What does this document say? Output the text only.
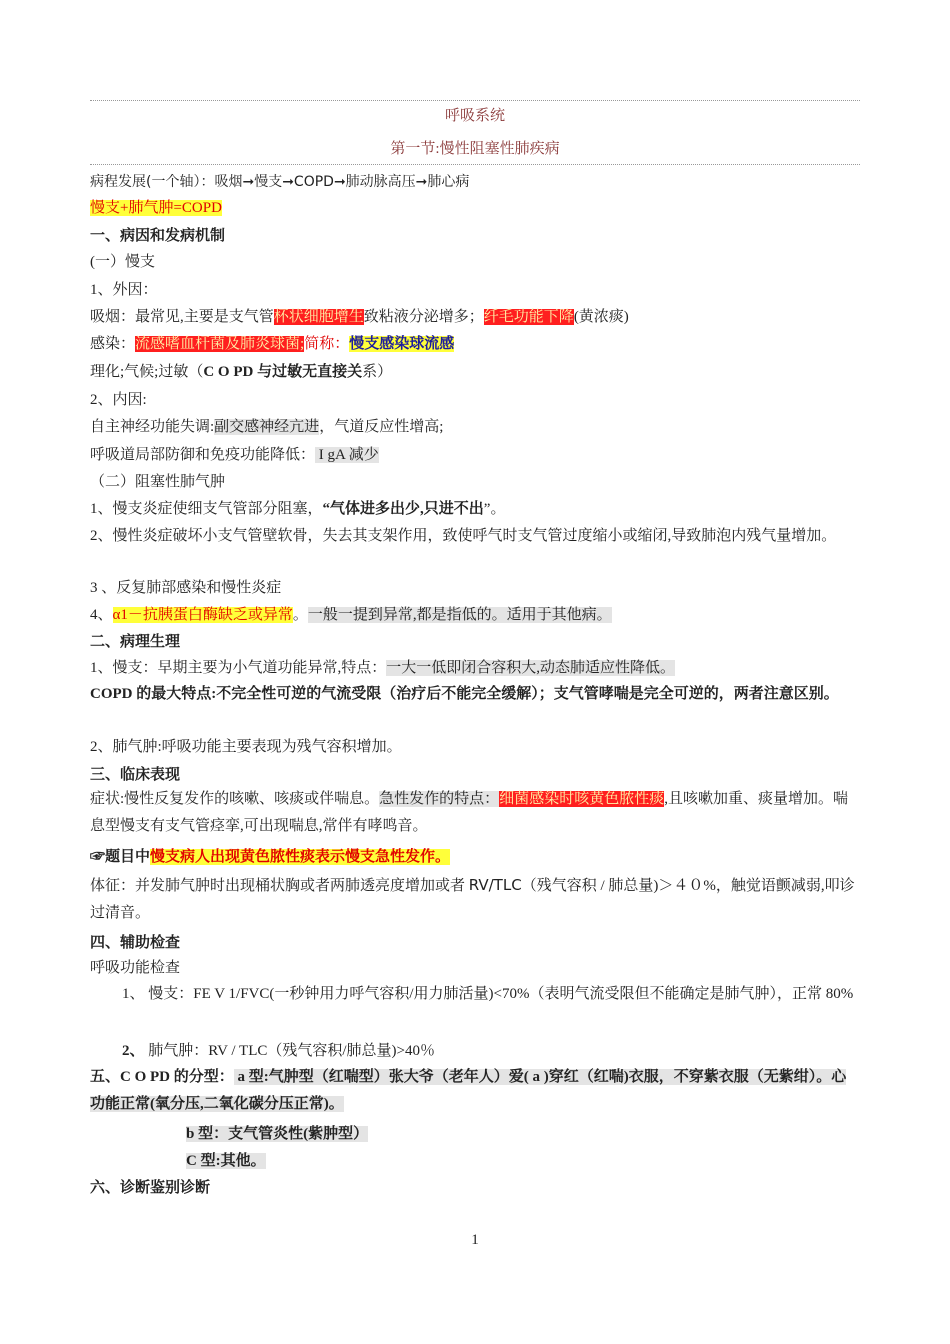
呼吸系统
第一节:慢性阻塞性肺疾病
病程发展(一个轴）：吸烟➞慢支➞COPD➞肺动脉高压➞肺心病
慢支+肺气肿=COPD
一、病因和发病机制
(一）慢支
1、外因：
吸烟：最常见,主要是支气管杯状细胞增生致粘液分泌增多；纤毛功能下降(黄浓痰)
感染：流感嗜血杆菌及肺炎球菌;简称：慢支感染球流感
理化;气候;过敏（C O PD 与过敏无直接关系）
2、内因:
自主神经功能失调:副交感神经亢进，气道反应性增高;
呼吸道局部防御和免疫功能降低： I gA 减少
（二）阻塞性肺气肿
1、慢支炎症使细支气管部分阻塞，“气体进多出少,只进不出”。
2、慢性炎症破坏小支气管壁软骨，失去其支架作用，致使呼气时支气管过度缩小或缩闭,导致肺泡内残气量增加。
3 、反复肺部感染和慢性炎症
4、α1－抗胰蛋白酶缺乏或异常。一般一提到异常,都是指低的。适用于其他病。
二、病理生理
1、慢支：早期主要为小气道功能异常,特点：一大一低即闭合容积大,动态肺适应性降低。
COPD 的最大特点:不完全性可逆的气流受限（治疗后不能完全缓解）；支气管哮喘是完全可逆的，两者注意区别。
2、肺气肿:呼吸功能主要表现为残气容积增加。
三、临床表现
症状:慢性反复发作的咳嗽、咳痰或伴喘息。急性发作的特点：细菌感染时咳黄色脓性痰,且咳嗽加重、痰量增加。喘息型慢支有支气管痉挛,可出现喘息,常伴有哮鸣音。
☞题目中慢支病人出现黄色脓性痰表示慢支急性发作。
体征：并发肺气肿时出现桶状胸或者两肺透亮度增加或者 RV/TLC（残气容积 / 肺总量)＞４０%，触觉语颤减弱,叩诊过清音。
四、辅助检查
呼吸功能检查
1、 慢支：FE V 1/FVC(一秒钟用力呼气容积/用力肺活量)<70%（表明气流受限但不能确定是肺气肿），正常 80%
2、 肺气肿：RV / TLC（残气容积/肺总量)>40％
五、C O PD 的分型： a 型:气肿型（红喘型）张大爷（老年人）爱( a )穿红（红喘)衣服，不穿紫衣服（无紫绀）。心功能正常(氧分压,二氧化碳分压正常)。
b 型：支气管炎性(紫肿型）
C 型:其他。
六、诊断鉴别诊断
1
